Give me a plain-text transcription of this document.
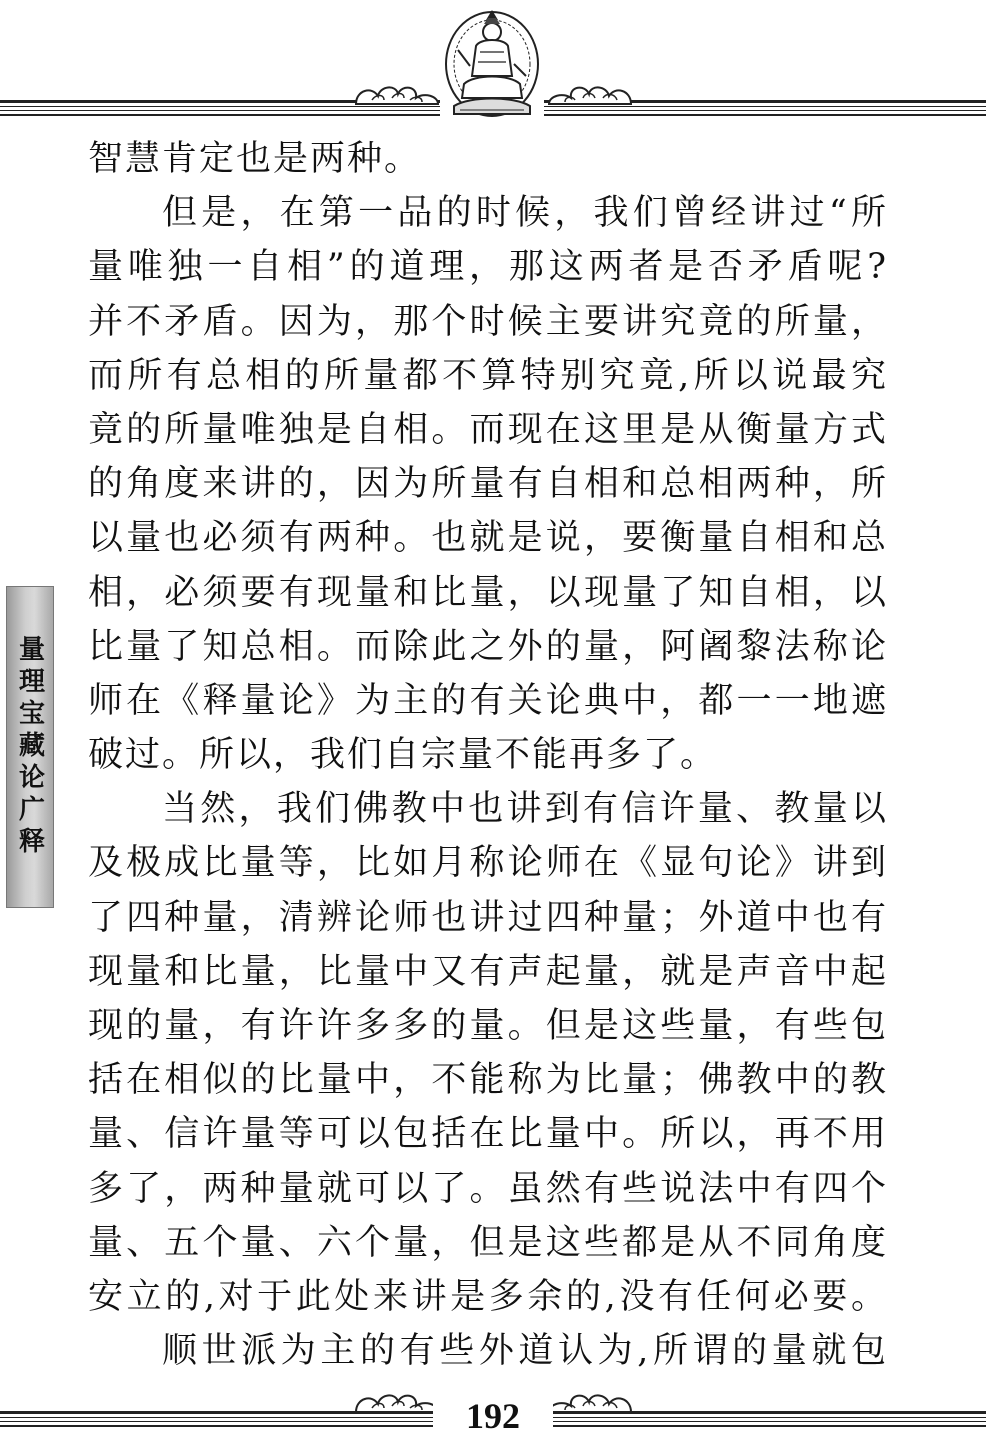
量理宝藏论广释
智慧肯定也是两种。
但是，在第一品的时候，我们曾经讲过“所
量唯独一自相”的道理，那这两者是否矛盾呢?
并不矛盾。因为，那个时候主要讲究竟的所量，
而所有总相的所量都不算特别究竟,所以说最究
竟的所量唯独是自相。而现在这里是从衡量方式
的角度来讲的，因为所量有自相和总相两种，所
以量也必须有两种。也就是说，要衡量自相和总
相，必须要有现量和比量，以现量了知自相，以
比量了知总相。而除此之外的量，阿阇黎法称论
师在《释量论》为主的有关论典中，都一一地遮
破过。所以，我们自宗量不能再多了。
当然，我们佛教中也讲到有信许量、教量以
及极成比量等，比如月称论师在《显句论》讲到
了四种量，清辨论师也讲过四种量；外道中也有
现量和比量，比量中又有声起量，就是声音中起
现的量，有许许多多的量。但是这些量，有些包
括在相似的比量中，不能称为比量；佛教中的教
量、信许量等可以包括在比量中。所以，再不用
多了，两种量就可以了。虽然有些说法中有四个
量、五个量、六个量，但是这些都是从不同角度
安立的,对于此处来讲是多余的,没有任何必要。
顺世派为主的有些外道认为,所谓的量就包
192
